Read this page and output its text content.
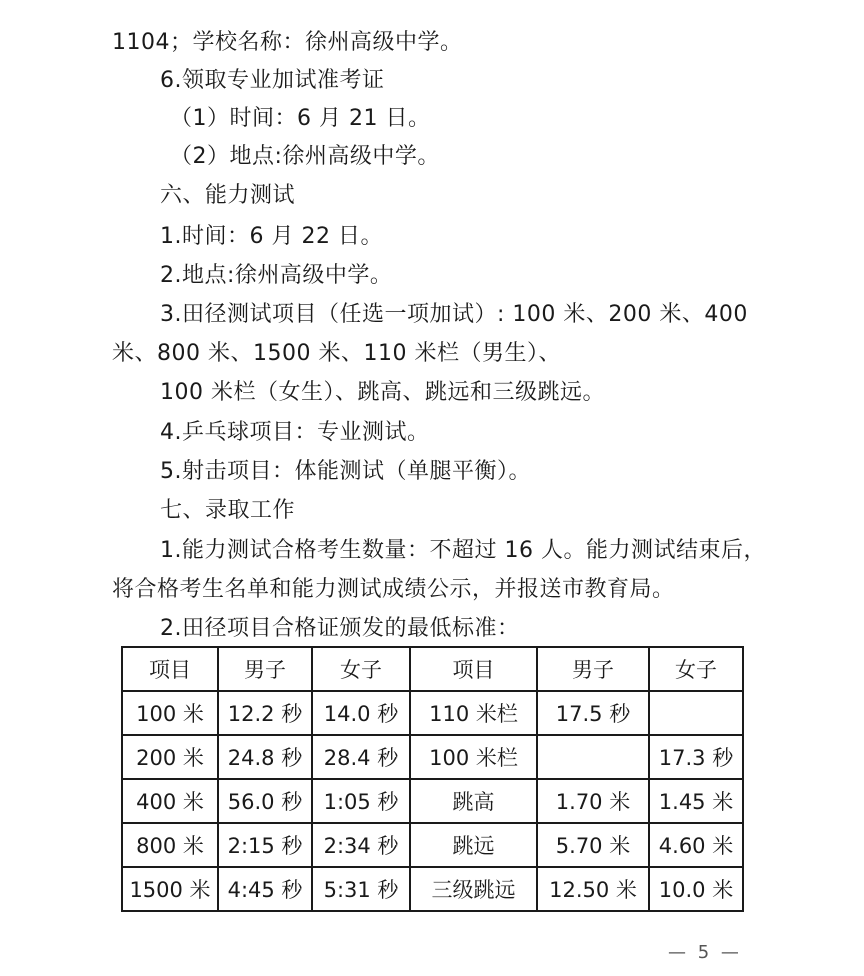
1104；学校名称：徐州高级中学。
6.领取专业加试准考证
（1）时间：6 月 21 日。
（2）地点:徐州高级中学。
六、能力测试
1.时间：6 月 22 日。
2.地点:徐州高级中学。
3.田径测试项目（任选一项加试）: 100 米、200 米、400
米、800 米、1500 米、110 米栏（男生）、
100 米栏（女生）、跳高、跳远和三级跳远。
4.乒乓球项目：专业测试。
5.射击项目：体能测试（单腿平衡）。
七、录取工作
1.能力测试合格考生数量：不超过 16 人。能力测试结束后，
将合格考生名单和能力测试成绩公示，并报送市教育局。
2.田径项目合格证颁发的最低标准：
项目	男子	女子	项目	男子	女子
100 米	12.2 秒	14.0 秒	110 米栏	17.5 秒	
200 米	24.8 秒	28.4 秒	100 米栏		17.3 秒
400 米	56.0 秒	1:05 秒	跳高	1.70 米	1.45 米
800 米	2:15 秒	2:34 秒	跳远	5.70 米	4.60 米
1500 米	4:45 秒	5:31 秒	三级跳远	12.50 米	10.0 米
— 5 —
